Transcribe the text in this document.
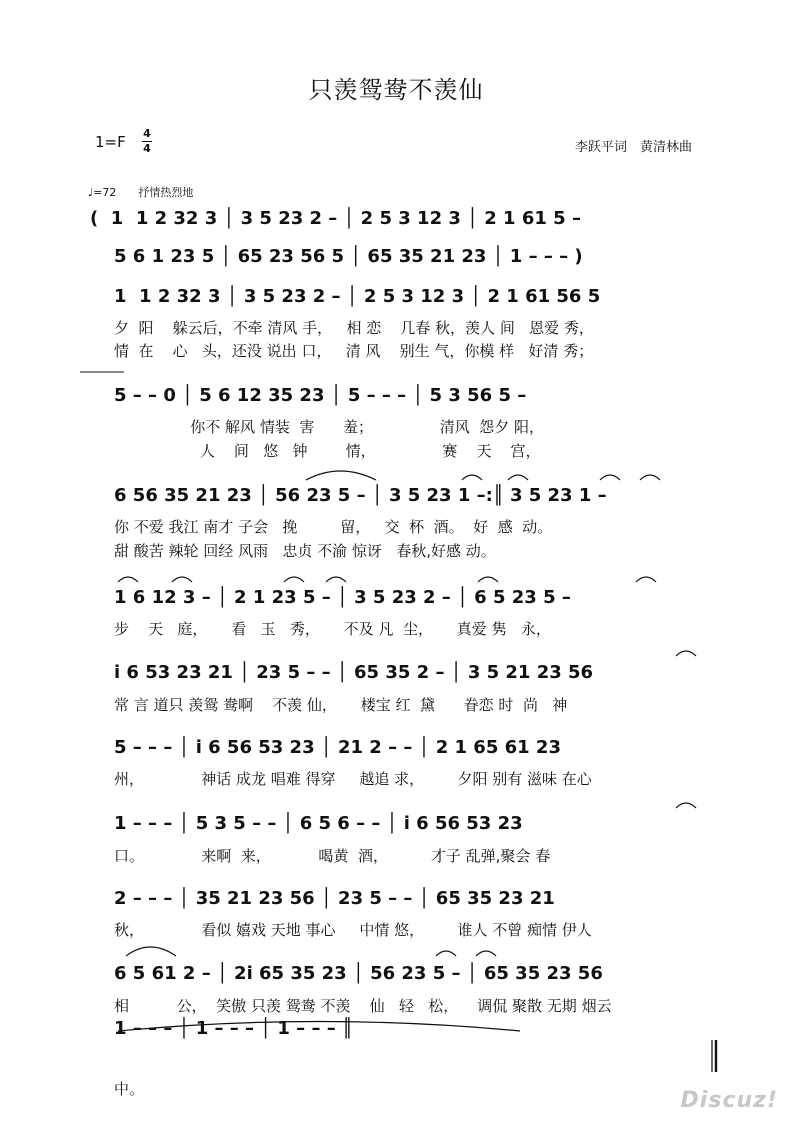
只羡鸳鸯不羡仙
1=F 4
4	李跃平词　黄清林曲
♩=72　　抒情热烈地
(  1  1 2 32 3 │ 3 5 23 2 – │ 2 5 3 12 3 │ 2 1 61 5 –
5 6 1 23 5 │ 65 23 56 5 │ 65 35 21 23 │ 1 – – – )
1  1 2 32 3 │ 3 5 23 2 – │ 2 5 3 12 3 │ 2 1 61 56 5
夕  阳    躲云后，不牵 清风 手，   相 恋    几春 秋，羡人 间   恩爱 秀，
情  在    心   头，还没 说出 口，   清 风    别生 气，你模 样   好清 秀；
5 – – 0 │ 5 6 12 35 23 │ 5 – – – │ 5 3 56 5 –
你不 解风 情装  害      羞；              清风  怨夕 阳，
人    间   悠   钟        情，              赛    天    宫，
6 56 35 21 23 │ 56 23 5 – │ 3 5 23 1 –:║ 3 5 23 1 –
你 不爱 我江 南才 子会   挽         留，   交  杯  酒。  好  感  动。
甜 酸苦 辣轮 回经 风雨   忠贞 不渝 惊讶   春秋,好感 动。
1 6 12 3 – │ 2 1 23 5 – │ 3 5 23 2 – │ 6 5 23 5 –
步    天   庭，     看   玉   秀，     不及 凡  尘，     真爱 隽   永，
i 6 53 23 21 │ 23 5 – – │ 65 35 2 – │ 3 5 21 23 56
常 言 道只 羡鸳 鸯啊    不羡 仙，     楼宝 红  黛      眷恋 时  尚   神
5 – – – │ i 6 56 53 23 │ 21 2 – – │ 2 1 65 61 23
州，            神话 成龙 唱难 得穿     越追 求，       夕阳 别有 滋味 在心
1 – – – │ 5 3 5 – – │ 6 5 6 – – │ i 6 56 53 23
口。            来啊  来，          喝黄  酒，         才子 乱弹,聚会 春
2 – – – │ 35 21 23 56 │ 23 5 – – │ 65 35 23 21
秋，            看似 嬉戏 天地 事心     中情 悠，       谁人 不曾 痴情 伊人
6 5 61 2 – │ 2i 65 35 23 │ 56 23 5 – │ 65 35 23 56
相          公，  笑傲 只羡 鸳鸯 不羡    仙   轻   松，    调侃 聚散 无期 烟云
1 – – – │ 1 – – – │ 1 – – – ║
中。	Discuz!
